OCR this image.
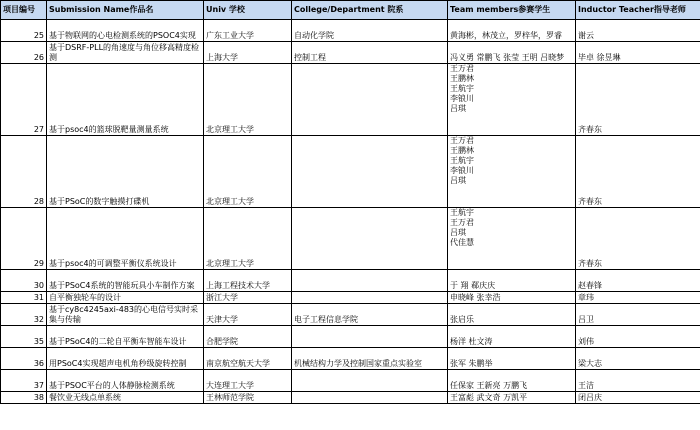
项目编号	Submission Name作品名	Univ 学校	College/Department 院系	Team members参赛学生	Inductor Teacher指导老师
25	基于物联网的心电检测系统的PSOC4实现	广东工业大学	自动化学院	黄海彬，林茂立，罗梓华，罗睿	谢云
26	基于DSRF-PLL的角速度与角位移高精度检测	上海大学	控制工程	冯义勇 常鹏飞 张莹 王明 吕晓梦	毕卓 徐昱琳
27	基于psoc4的篮球脱靶量测量系统	北京理工大学		王万君
王鹏林
王航宇
李锒川
吕琪	齐春东
28	基于PSoC的数字触摸打碟机	北京理工大学		王万君
王鹏林
王航宇
李锒川
吕琪	齐春东
29	基于psoc4的可调整平衡仪系统设计	北京理工大学		王航宇
王万君
吕琪
代佳慧	齐春东
30	基于PSoC4系统的智能玩具小车制作方案	上海工程技术大学		于 翔 郗庆庆	赵春锋
31	自平衡独轮车的设计	浙江大学		申晓峰 张幸浩	章玮
32	基于cy8c4245axi-483的心电信号实时采集与传输	天津大学	电子工程信息学院	张启乐	吕卫
35	基于PSoC4的二轮自平衡车智能车设计	合肥学院		杨洋 杜文涛	刘伟
36	用PSoC4实现超声电机角秒级旋转控制	南京航空航天大学	机械结构力学及控制国家重点实验室	张军 朱鹏举	梁大志
37	基于PSOC平台的人体静脉检测系统	大连理工大学		任保家 王新亮 万鹏飞	王洁
38	餐饮业无线点单系统	王林师范学院		王富彪 武文奇 万凯平	闭吕庆
